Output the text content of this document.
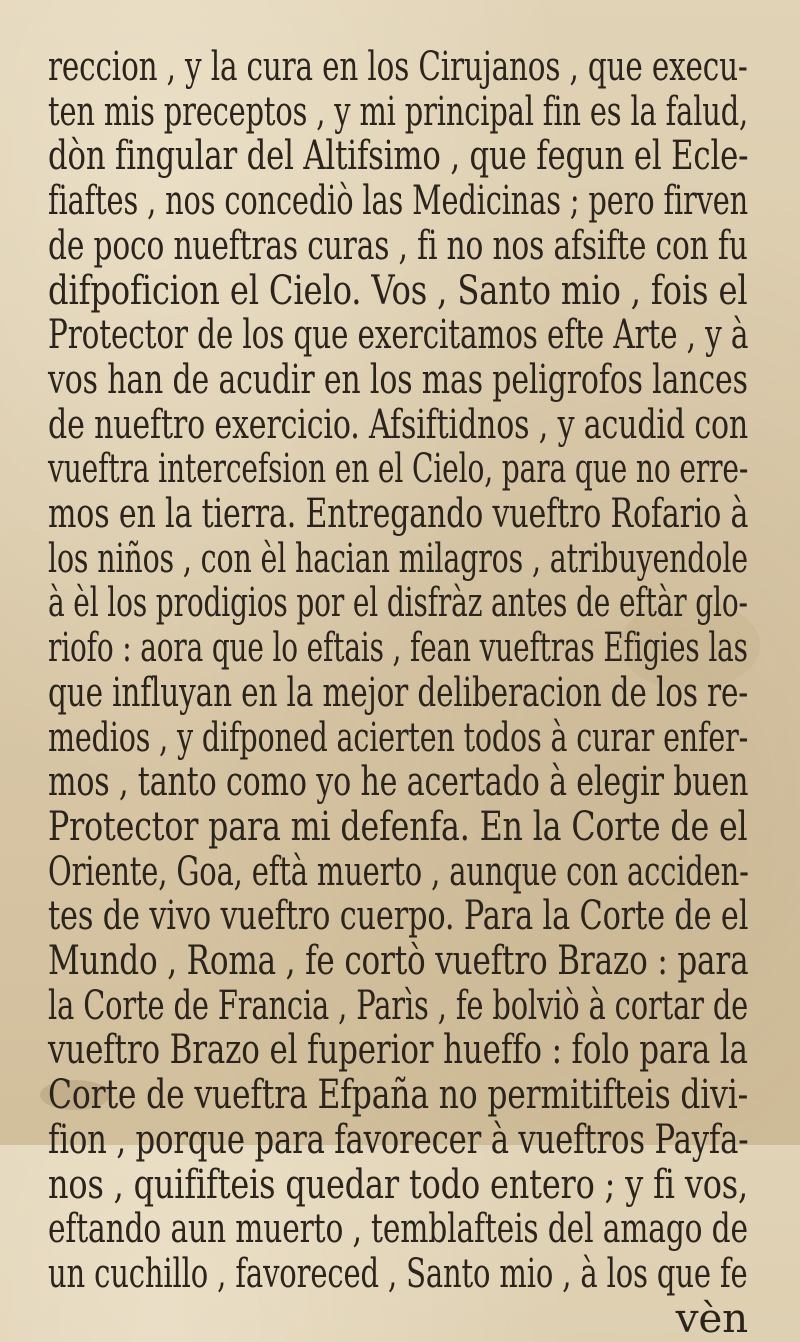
reccion , y la cura en los Cirujanos , que execu-
ten mis preceptos , y mi principal fin es la falud,
dòn fingular del Altifsimo , que fegun el Ecle-
fiaftes , nos concediò las Medicinas ; pero firven
de poco nueftras curas , fi no nos afsifte con fu
difpoficion el Cielo. Vos , Santo mio , fois el
Protector de los que exercitamos efte Arte , y à
vos han de acudir en los mas peligrofos lances
de nueftro exercicio. Afsiftidnos , y acudid con
vueftra intercefsion en el Cielo, para que no erre-
mos en la tierra. Entregando vueftro Rofario à
los niños , con èl hacian milagros , atribuyendole
à èl los prodigios por el disfràz antes de eftàr glo-
riofo : aora que lo eftais , fean vueftras Efigies las
que influyan en la mejor deliberacion de los re-
medios , y difponed acierten todos à curar enfer-
mos , tanto como yo he acertado à elegir buen
Protector para mi defenfa. En la Corte de el
Oriente, Goa, eftà muerto , aunque con acciden-
tes de vivo vueftro cuerpo. Para la Corte de el
Mundo , Roma , fe cortò vueftro Brazo : para
la Corte de Francia , Parìs , fe bolviò à cortar de
vueftro Brazo el fuperior hueffo : folo para la
Corte de vueftra Efpaña no permitifteis divi-
fion , porque para favorecer à vueftros Payfa-
nos , quififteis quedar todo entero ; y fi vos,
eftando aun muerto , temblafteis del amago de
un cuchillo , favoreced , Santo mio , à los que fe
vèn
